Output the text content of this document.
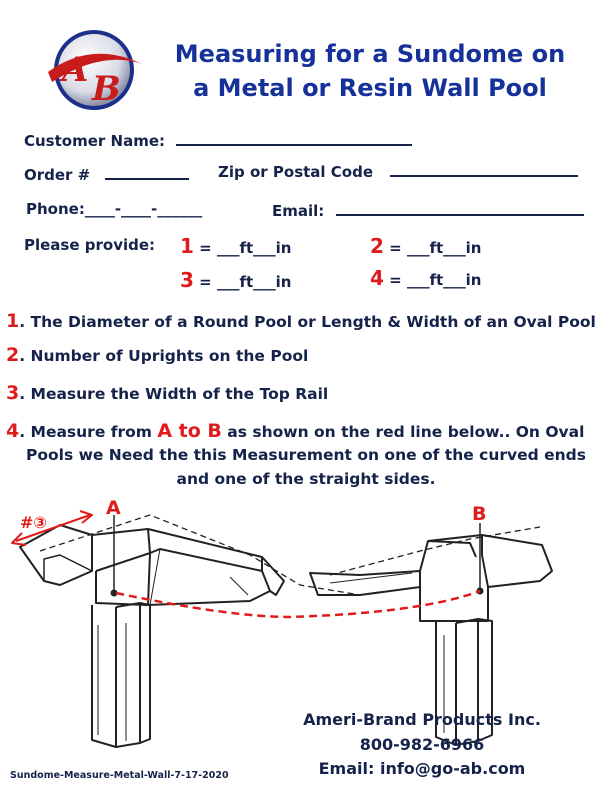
A B
Measuring for a Sundome on
a Metal or Resin Wall Pool
Customer Name:
Order #	Zip or Postal Code
Phone:____-____-______	Email:
Please provide: 1 = ___ft___in	2 = ___ft___in
3 = ___ft___in	4 = ___ft___in
1. The Diameter of a Round Pool or Length & Width of an Oval Pool
2. Number of Uprights on the Pool
3. Measure the Width of the Top Rail
4. Measure from A to B as shown on the red line below.. On Oval
Pools we Need the this Measurement on one of the curved ends
and one of the straight sides.
A	B
#③
Ameri-Brand Products Inc.
800-982-6966
Email: info@go-ab.com
Sundome-Measure-Metal-Wall-7-17-2020
